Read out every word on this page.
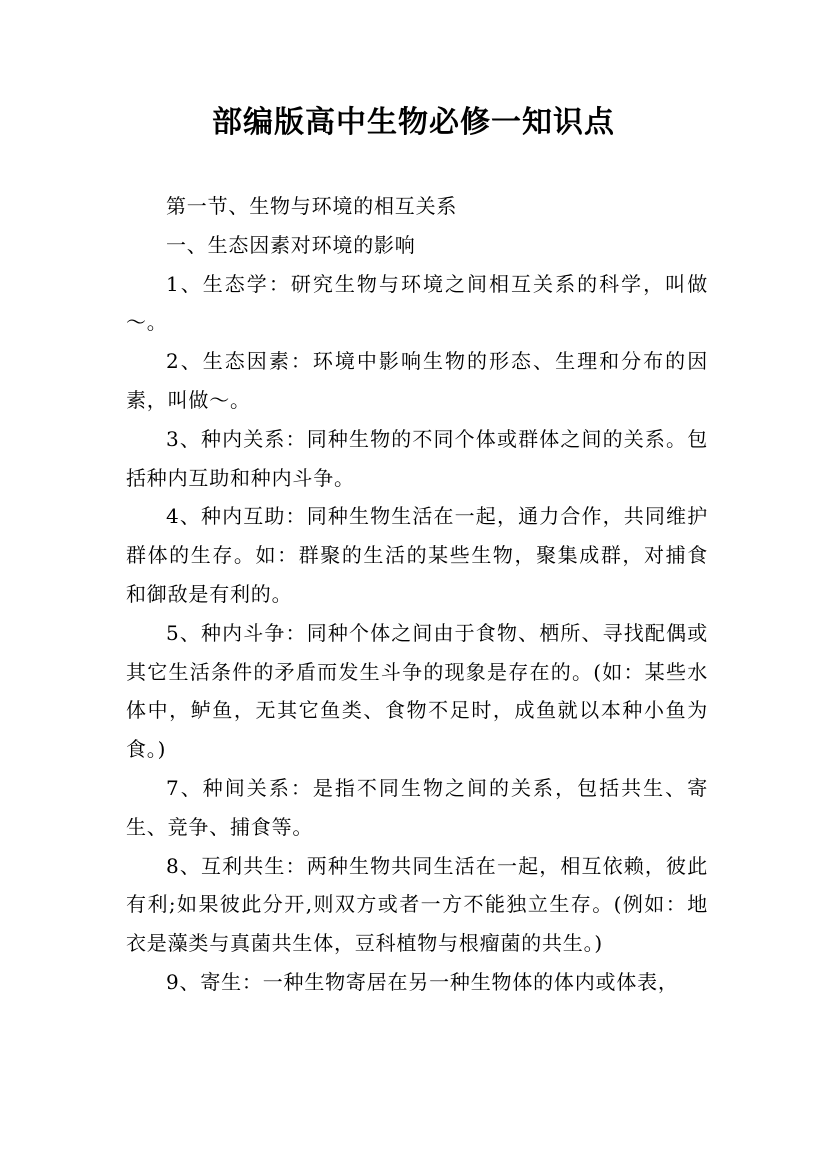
部编版高中生物必修一知识点

第一节、生物与环境的相互关系

一、生态因素对环境的影响

1、生态学：研究生物与环境之间相互关系的科学，叫做～。

2、生态因素：环境中影响生物的形态、生理和分布的因素，叫做～。

3、种内关系：同种生物的不同个体或群体之间的关系。包括种内互助和种内斗争。

4、种内互助：同种生物生活在一起，通力合作，共同维护群体的生存。如：群聚的生活的某些生物，聚集成群，对捕食和御敌是有利的。

5、种内斗争：同种个体之间由于食物、栖所、寻找配偶或其它生活条件的矛盾而发生斗争的现象是存在的。(如：某些水体中，鲈鱼，无其它鱼类、食物不足时，成鱼就以本种小鱼为食。)

7、种间关系：是指不同生物之间的关系，包括共生、寄生、竞争、捕食等。

8、互利共生：两种生物共同生活在一起，相互依赖，彼此有利;如果彼此分开,则双方或者一方不能独立生存。(例如：地衣是藻类与真菌共生体，豆科植物与根瘤菌的共生。)

9、寄生：一种生物寄居在另一种生物体的体内或体表，
